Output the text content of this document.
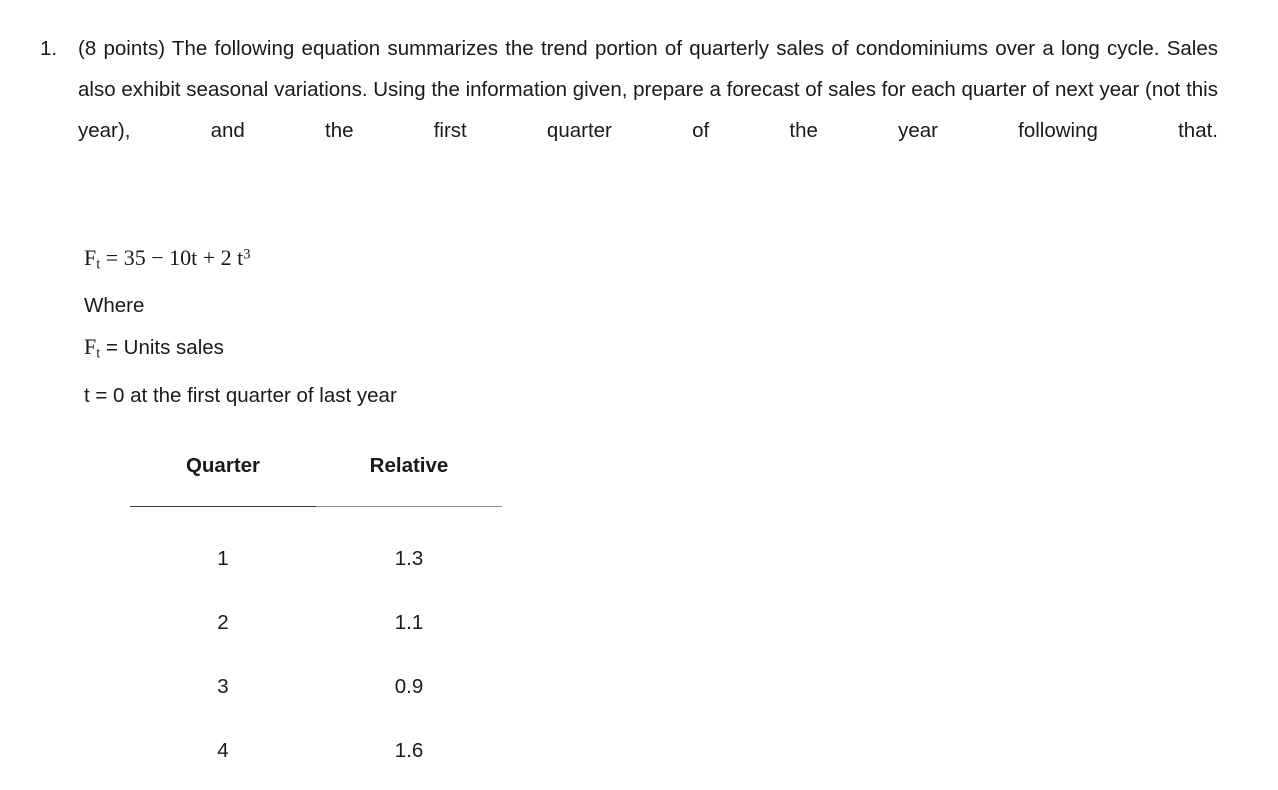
1.	(8 points) The following equation summarizes the trend portion of quarterly sales of condominiums over a long cycle. Sales also exhibit seasonal variations. Using the information given, prepare a forecast of sales for each quarter of next year (not this year), and the first quarter of the year following that.
$F_t = 35 - 10t + 2$ $t^3$
Where
$F_t$ = Units sales
t = 0 at the first quarter of last year
Quarter	Relative

1	1.3
2	1.1
3	0.9
4	1.6
